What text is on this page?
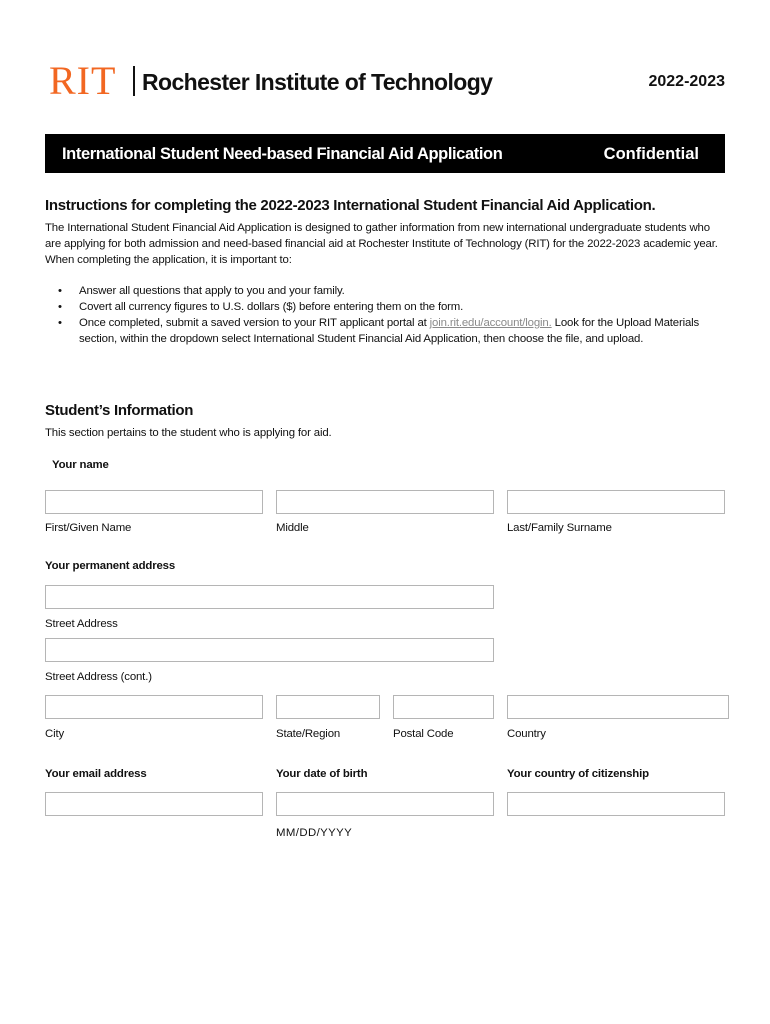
RIT Rochester Institute of Technology	2022-2023
International Student Need-based Financial Aid Application	Confidential
Instructions for completing the 2022-2023 International Student Financial Aid Application.
The International Student Financial Aid Application is designed to gather information from new international undergraduate students who are applying for both admission and need-based financial aid at Rochester Institute of Technology (RIT) for the 2022-2023 academic year. When completing the application, it is important to:
• Answer all questions that apply to you and your family.
• Covert all currency figures to U.S. dollars ($) before entering them on the form.
• Once completed, submit a saved version to your RIT applicant portal at join.rit.edu/account/login. Look for the Upload Materials section, within the dropdown select International Student Financial Aid Application, then choose the file, and upload.
Student’s Information
This section pertains to the student who is applying for aid.
Your name
First/Given Name	Middle	Last/Family Surname
Your permanent address
Street Address
Street Address (cont.)
City	State/Region	Postal Code	Country
Your email address	Your date of birth	Your country of citizenship
MM/DD/YYYY
